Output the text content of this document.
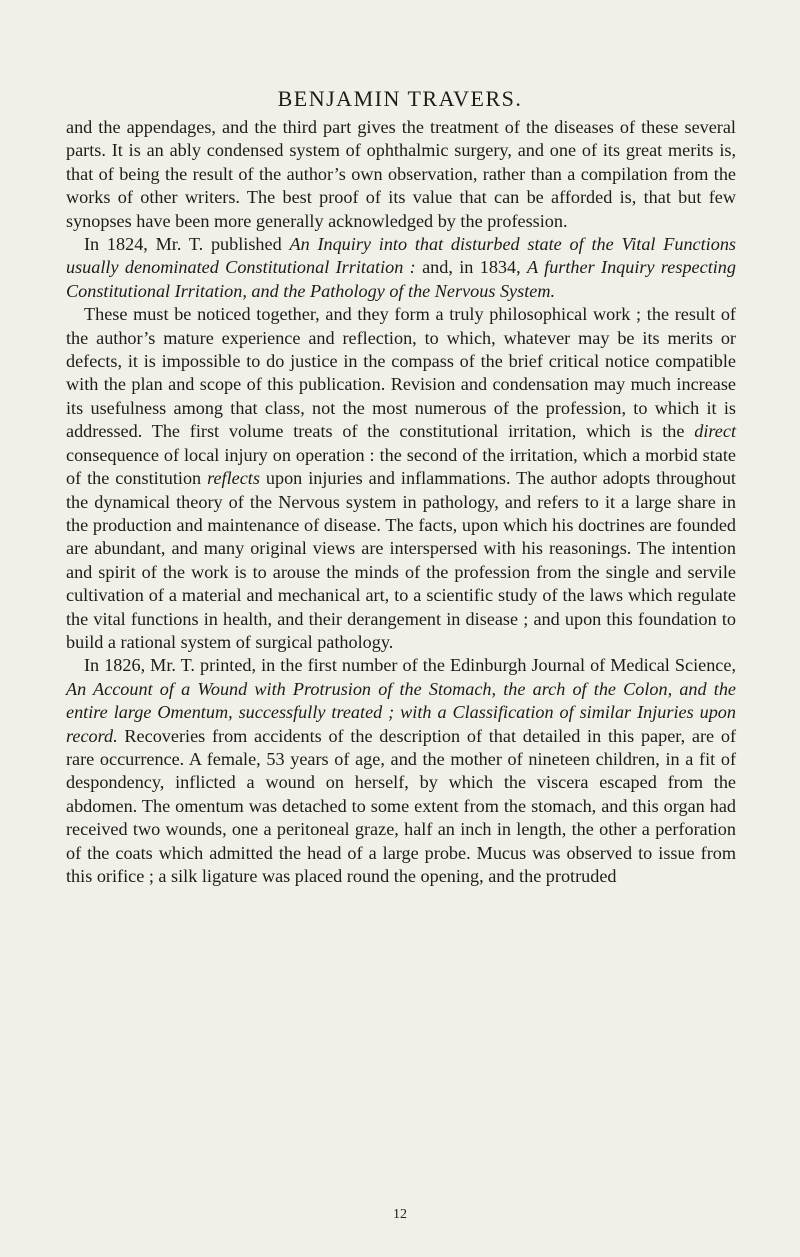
BENJAMIN TRAVERS.

and the appendages, and the third part gives the treatment of the diseases of these several parts. It is an ably condensed system of ophthalmic surgery, and one of its great merits is, that of being the result of the author’s own observation, rather than a compilation from the works of other writers. The best proof of its value that can be afforded is, that but few synopses have been more generally acknowledged by the profession.

In 1824, Mr. T. published An Inquiry into that disturbed state of the Vital Functions usually denominated Constitutional Irritation : and, in 1834, A further Inquiry respecting Constitutional Irritation, and the Pathology of the Nervous System.

These must be noticed together, and they form a truly philosophical work ; the result of the author’s mature experience and reflection, to which, whatever may be its merits or defects, it is impossible to do justice in the compass of the brief critical notice compatible with the plan and scope of this publication. Revision and condensation may much increase its usefulness among that class, not the most numerous of the profession, to which it is addressed. The first volume treats of the constitutional irritation, which is the direct consequence of local injury on operation : the second of the irritation, which a morbid state of the constitution reflects upon injuries and inflammations. The author adopts throughout the dynamical theory of the Nervous system in pathology, and refers to it a large share in the production and maintenance of disease. The facts, upon which his doctrines are founded are abundant, and many original views are interspersed with his reasonings. The intention and spirit of the work is to arouse the minds of the profession from the single and servile cultivation of a material and mechanical art, to a scientific study of the laws which regulate the vital functions in health, and their derangement in disease ; and upon this foundation to build a rational system of surgical pathology.

In 1826, Mr. T. printed, in the first number of the Edinburgh Journal of Medical Science, An Account of a Wound with Protrusion of the Stomach, the arch of the Colon, and the entire large Omentum, successfully treated ; with a Classification of similar Injuries upon record. Recoveries from accidents of the description of that detailed in this paper, are of rare occurrence. A female, 53 years of age, and the mother of nineteen children, in a fit of despondency, inflicted a wound on herself, by which the viscera escaped from the abdomen. The omentum was detached to some extent from the stomach, and this organ had received two wounds, one a peritoneal graze, half an inch in length, the other a perforation of the coats which admitted the head of a large probe. Mucus was observed to issue from this orifice ; a silk ligature was placed round the opening, and the protruded

12
